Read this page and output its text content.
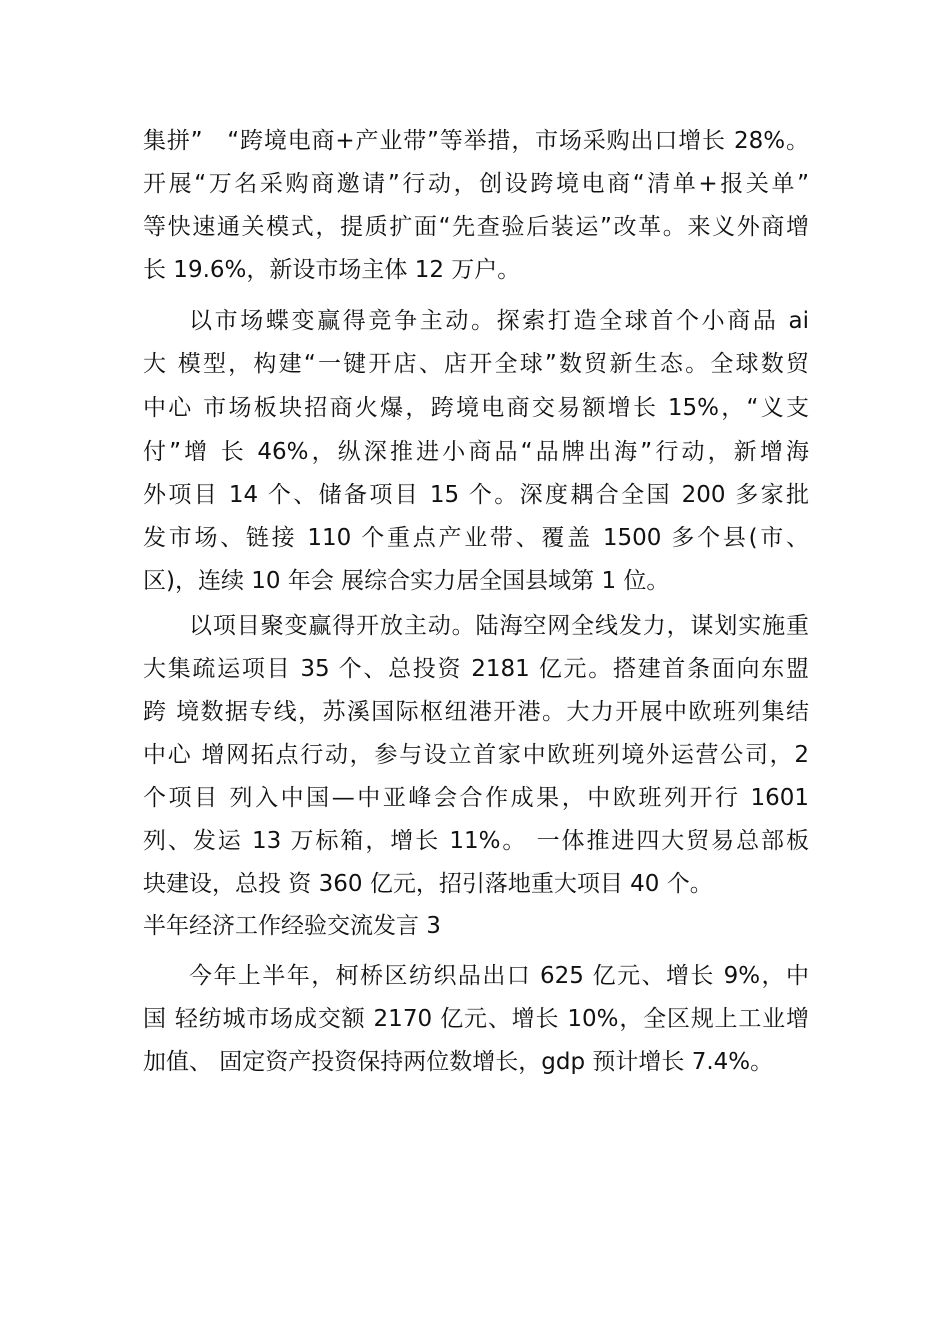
集拼”　“跨境电商+产业带”等举措，市场采购出口增长 28%。
开展“万名采购商邀请”行动，创设跨境电商“清单+报关单”
等快速通关模式，提质扩面“先查验后装运”改革。来义外商增
长 19.6%，新设市场主体 12 万户。
以市场蝶变赢得竞争主动。探索打造全球首个小商品 ai
大 模型，构建“一键开店、店开全球”数贸新生态。全球数贸
中心 市场板块招商火爆，跨境电商交易额增长 15%，“义支
付”增 长 46%，纵深推进小商品“品牌出海”行动，新增海
外项目 14 个、储备项目 15 个。深度耦合全国 200 多家批
发市场、链接 110 个重点产业带、覆盖 1500 多个县(市、
区)，连续 10 年会 展综合实力居全国县域第 1 位。
以项目聚变赢得开放主动。陆海空网全线发力，谋划实施重
大集疏运项目 35 个、总投资 2181 亿元。搭建首条面向东盟
跨 境数据专线，苏溪国际枢纽港开港。大力开展中欧班列集结
中心 增网拓点行动，参与设立首家中欧班列境外运营公司，2
个项目 列入中国—中亚峰会合作成果，中欧班列开行 1601
列、发运 13 万标箱，增长 11%。 一体推进四大贸易总部板
块建设，总投 资 360 亿元，招引落地重大项目 40 个。
半年经济工作经验交流发言 3
今年上半年，柯桥区纺织品出口 625 亿元、增长 9%，中
国 轻纺城市场成交额 2170 亿元、增长 10%，全区规上工业增
加值、 固定资产投资保持两位数增长，gdp 预计增长 7.4%。
